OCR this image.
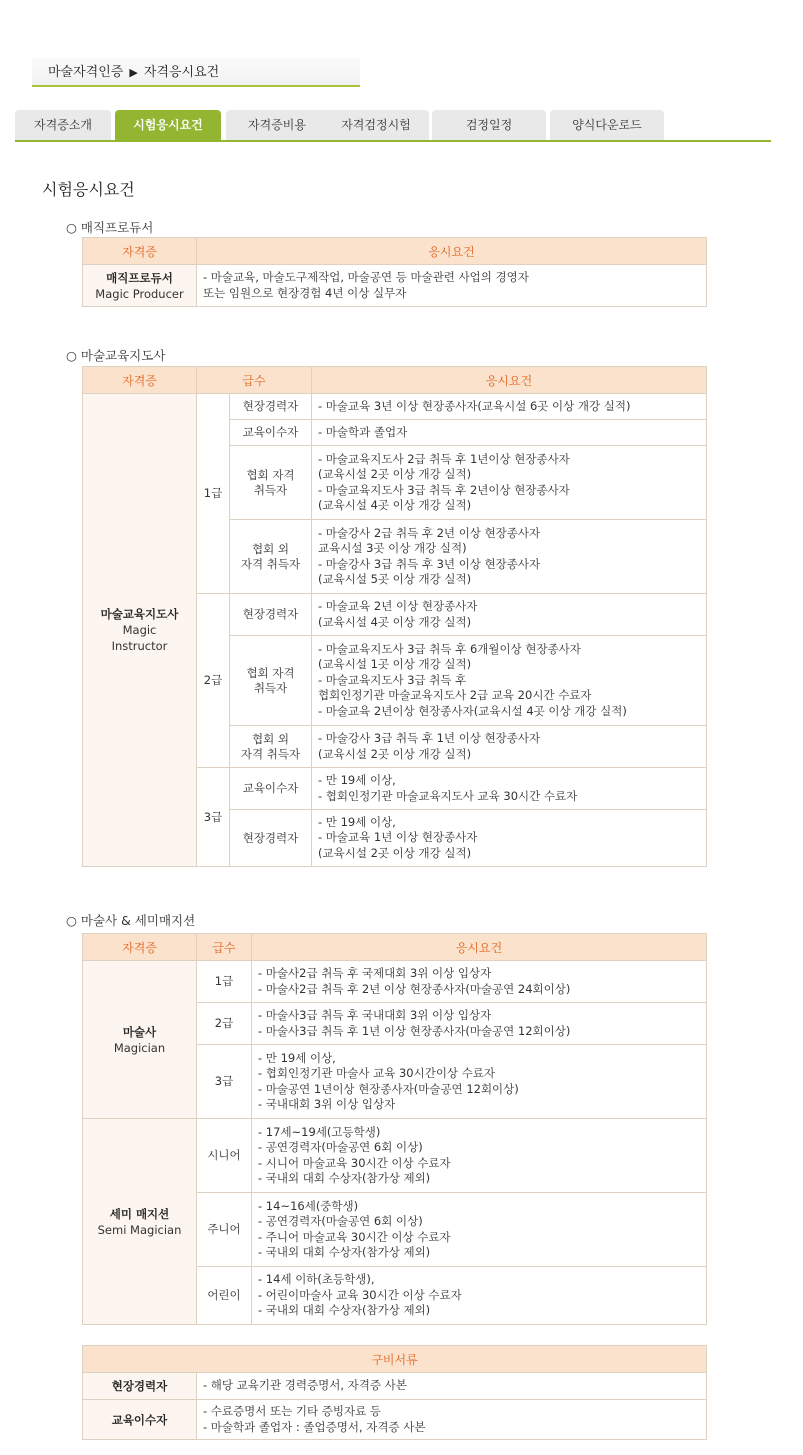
마술자격인증 ▶ 자격응시요건
자격증소개	시험응시요건	자격증비용	자격검정시험	검정일정	양식다운로드
시험응시요건
○ 매직프로듀서
자격증	응시요건
매직프로듀서
Magic Producer	- 마술교육, 마술도구제작업, 마술공연 등 마술관련 사업의 경영자
또는 임원으로 현장경험 4년 이상 실무자
○ 마술교육지도사
자격증	급수		응시요건
마술교육지도사
Magic
Instructor	1급	현장경력자	- 마술교육 3년 이상 현장종사자(교육시설 6곳 이상 개강 실적)
		교육이수자	- 마술학과 졸업자
		협회 자격
취득자	- 마술교육지도사 2급 취득 후 1년이상 현장종사자
(교육시설 2곳 이상 개강 실적)
- 마술교육지도사 3급 취득 후 2년이상 현장종사자
(교육시설 4곳 이상 개강 실적)
		협회 외
자격 취득자	- 마술강사 2급 취득 후 2년 이상 현장종사자
교육시설 3곳 이상 개강 실적)
- 마술강사 3급 취득 후 3년 이상 현장종사자
(교육시설 5곳 이상 개강 실적)
	2급	현장경력자	- 마술교육 2년 이상 현장종사자
(교육시설 4곳 이상 개강 실적)
		협회 자격
취득자	- 마술교육지도사 3급 취득 후 6개월이상 현장종사자
(교육시설 1곳 이상 개강 실적)
- 마술교육지도사 3급 취득 후
협회인정기관 마술교육지도사 2급 교육 20시간 수료자
- 마술교육 2년이상 현장종사자(교육시설 4곳 이상 개강 실적)
		협회 외
자격 취득자	- 마술강사 3급 취득 후 1년 이상 현장종사자
(교육시설 2곳 이상 개강 실적)
	3급	교육이수자	- 만 19세 이상,
- 협회인정기관 마술교육지도사 교육 30시간 수료자
		현장경력자	- 만 19세 이상,
- 마술교육 1년 이상 현장종사자
(교육시설 2곳 이상 개강 실적)
○ 마술사 & 세미매지션
자격증	급수	응시요건
마술사
Magician	1급	- 마술사2급 취득 후 국제대회 3위 이상 입상자
- 마술사2급 취득 후 2년 이상 현장종사자(마술공연 24회이상)
	2급	- 마술사3급 취득 후 국내대회 3위 이상 입상자
- 마술사3급 취득 후 1년 이상 현장종사자(마술공연 12회이상)
	3급	- 만 19세 이상,
- 협회인정기관 마술사 교육 30시간이상 수료자
- 마술공연 1년이상 현장종사자(마술공연 12회이상)
- 국내대회 3위 이상 입상자
세미 매지션
Semi Magician	시니어	- 17세~19세(고등학생)
- 공연경력자(마술공연 6회 이상)
- 시니어 마술교육 30시간 이상 수료자
- 국내외 대회 수상자(참가상 제외)
	주니어	- 14~16세(중학생)
- 공연경력자(마술공연 6회 이상)
- 주니어 마술교육 30시간 이상 수료자
- 국내외 대회 수상자(참가상 제외)
	어린이	- 14세 이하(초등학생),
- 어린이마술사 교육 30시간 이상 수료자
- 국내외 대회 수상자(참가상 제외)
구비서류	
현장경력자	- 해당 교육기관 경력증명서, 자격증 사본
교육이수자	- 수료증명서 또는 기타 증빙자료 등
- 마술학과 졸업자 : 졸업증명서, 자격증 사본
